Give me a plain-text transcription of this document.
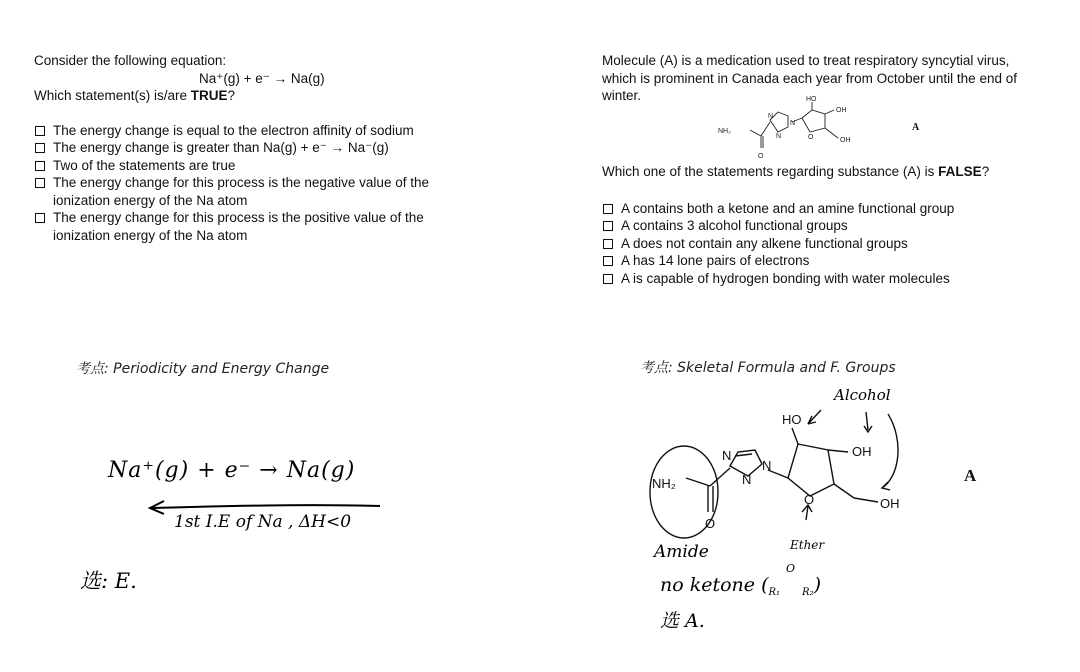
Consider the following equation:
Na⁺(g) + e⁻ → Na(g)
Which statement(s) is/are TRUE?
The energy change is equal to the electron affinity of sodium
The energy change is greater than Na(g) + e⁻ → Na⁻(g)
Two of the statements are true
The energy change for this process is the negative value of the ionization energy of the Na atom
The energy change for this process is the positive value of the ionization energy of the Na atom
Molecule (A) is a medication used to treat respiratory syncytial virus, which is prominent in Canada each year from October until the end of winter.	HO
OH
OH
NH₂
O
N
N
N
O
A
Which one of the statements regarding substance (A) is FALSE?
A contains both a ketone and an amine functional group
A contains 3 alcohol functional groups
A does not contain any alkene functional groups
A has 14 lone pairs of electrons
A is capable of hydrogen bonding with water molecules
考点: Periodicity and Energy Change
Na⁺(g) + e⁻ → Na(g)
1st I.E of Na , ΔH<0
选: E.
考点: Skeletal Formula and F. Groups
HO
OH
OH
NH₂
O
N
N
N
O
A
Alcohol
Amide	Ether
no ketone ($_{R_1}$
O
$_{R_2}$)
选 A.
